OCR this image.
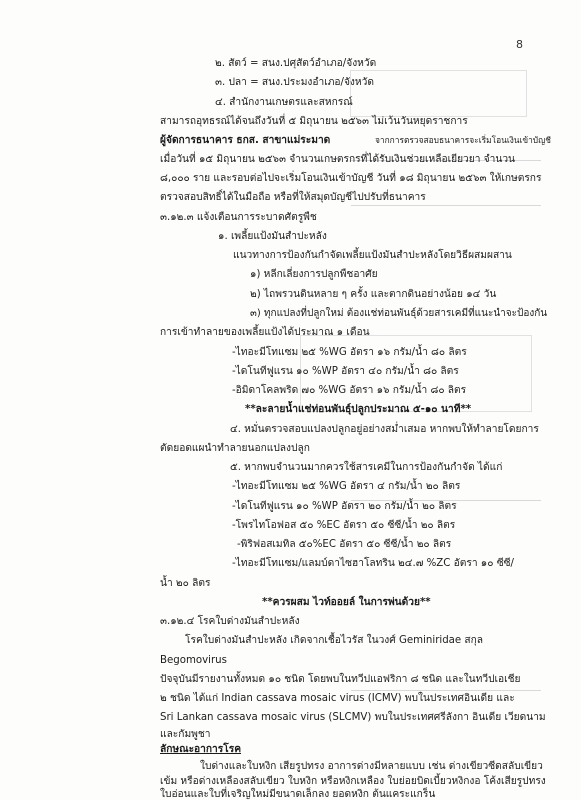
8
๒. สัตว์ = สนง.ปศุสัตว์อำเภอ/จังหวัด
๓. ปลา = สนง.ประมงอำเภอ/จังหวัด
๔. สำนักงานเกษตรและสหกรณ์
สามารถอุทธรณ์ได้จนถึงวันที่ ๕ มิถุนายน ๒๕๖๓ ไม่เว้นวันหยุดราชการ
ผู้จัดการธนาคาร ธกส. สาขาแม่ระมาด	จากการตรวจสอบธนาคารจะเริ่มโอนเงินเข้าบัญชี
เมื่อวันที่ ๑๕ มิถุนายน ๒๕๖๓ จำนวนเกษตรกรที่ได้รับเงินช่วยเหลือเยียวยา จำนวน
๘,๐๐๐ ราย และรอบต่อไปจะเริ่มโอนเงินเข้าบัญชี วันที่ ๑๘ มิถุนายน ๒๕๖๓ ให้เกษตรกร
ตรวจสอบสิทธิ์ได้ในมือถือ หรือที่ให้สมุดบัญชีไปปรับที่ธนาคาร
๓.๑๒.๓ แจ้งเตือนการระบาดศัตรูพืช
๑. เพลี้ยแป้งมันสำปะหลัง
แนวทางการป้องกันกำจัดเพลี้ยแป้งมันสำปะหลังโดยวิธีผสมผสาน
๑) หลีกเลี่ยงการปลูกพืชอาศัย
๒) ไถพรวนดินหลาย ๆ ครั้ง และตากดินอย่างน้อย ๑๔ วัน
๓) ทุกแปลงที่ปลูกใหม่ ต้องแช่ท่อนพันธุ์ด้วยสารเคมีที่แนะนำจะป้องกัน
การเข้าทำลายของเพลี้ยแป้งได้ประมาณ ๑ เดือน
-ไทอะมีโทแซม ๒๕ %WG อัตรา ๑๖ กรัม/น้ำ ๘๐ ลิตร
-ไดโนทีฟูแรน ๑๐ %WP อัตรา ๔๐ กรัม/น้ำ ๘๐ ลิตร
-อิมิดาโคลพริด ๗๐ %WG อัตรา ๑๖ กรัม/น้ำ ๘๐ ลิตร
**ละลายน้ำแช่ท่อนพันธุ์ปลูกประมาณ ๕-๑๐ นาที**
๔. หมั่นตรวจสอบแปลงปลูกอยู่อย่างสม่ำเสมอ หากพบให้ทำลายโดยการ
ตัดยอดแผนำทำลายนอกแปลงปลูก
๕. หากพบจำนวนมากควรใช้สารเคมีในการป้องกันกำจัด ได้แก่
-ไทอะมีโทแซม ๒๕ %WG อัตรา ๔ กรัม/น้ำ ๒๐ ลิตร
-ไดโนทีฟูแรน ๑๐ %WP อัตรา ๒๐ กรัม/น้ำ ๒๐ ลิตร
-โพรไทโอฟอส ๕๐ %EC อัตรา ๕๐ ซีซี/น้ำ ๒๐ ลิตร
-พิริฟอสเมทิล ๕๐%EC อัตรา ๕๐ ซีซี/น้ำ ๒๐ ลิตร
-ไทอะมีโทแซม/แลมบ์ดาไซฮาโลทริน ๒๔.๗ %ZC อัตรา ๑๐ ซีซี/
น้ำ ๒๐ ลิตร
**ควรผสม ไวท์ออยล์ ในการพ่นด้วย**
๓.๑๒.๔ โรคใบด่างมันสำปะหลัง
โรคใบด่างมันสำปะหลัง เกิดจากเชื้อไวรัส ในวงศ์ Geminiridae สกุล
Begomovirus
ปัจจุบันมีรายงานทั้งหมด ๑๐ ชนิด โดยพบในทวีปแอฟริกา ๘ ชนิด และในทวีปเอเชีย
๒ ชนิด ได้แก่ Indian cassava mosaic virus (ICMV) พบในประเทศอินเดีย และ
Sri Lankan cassava mosaic virus (SLCMV) พบในประเทศศรีลังกา อินเดีย เวียดนาม
และกัมพูชา
ลักษณะอาการโรค
ใบด่างและใบหงิก เสียรูปทรง อาการด่างมีหลายแบบ เช่น ด่างเขียวซีดสลับเขียว
เข้ม หรือด่างเหลืองสลับเขียว ใบหงิก หรือหงิกเหลือง ใบย่อยบิดเบี้ยวหงิกงอ โค้งเสียรูปทรง
ใบอ่อนและใบที่เจริญใหม่มีขนาดเล็กลง ยอดหงิก ต้นแคระแกร็น
